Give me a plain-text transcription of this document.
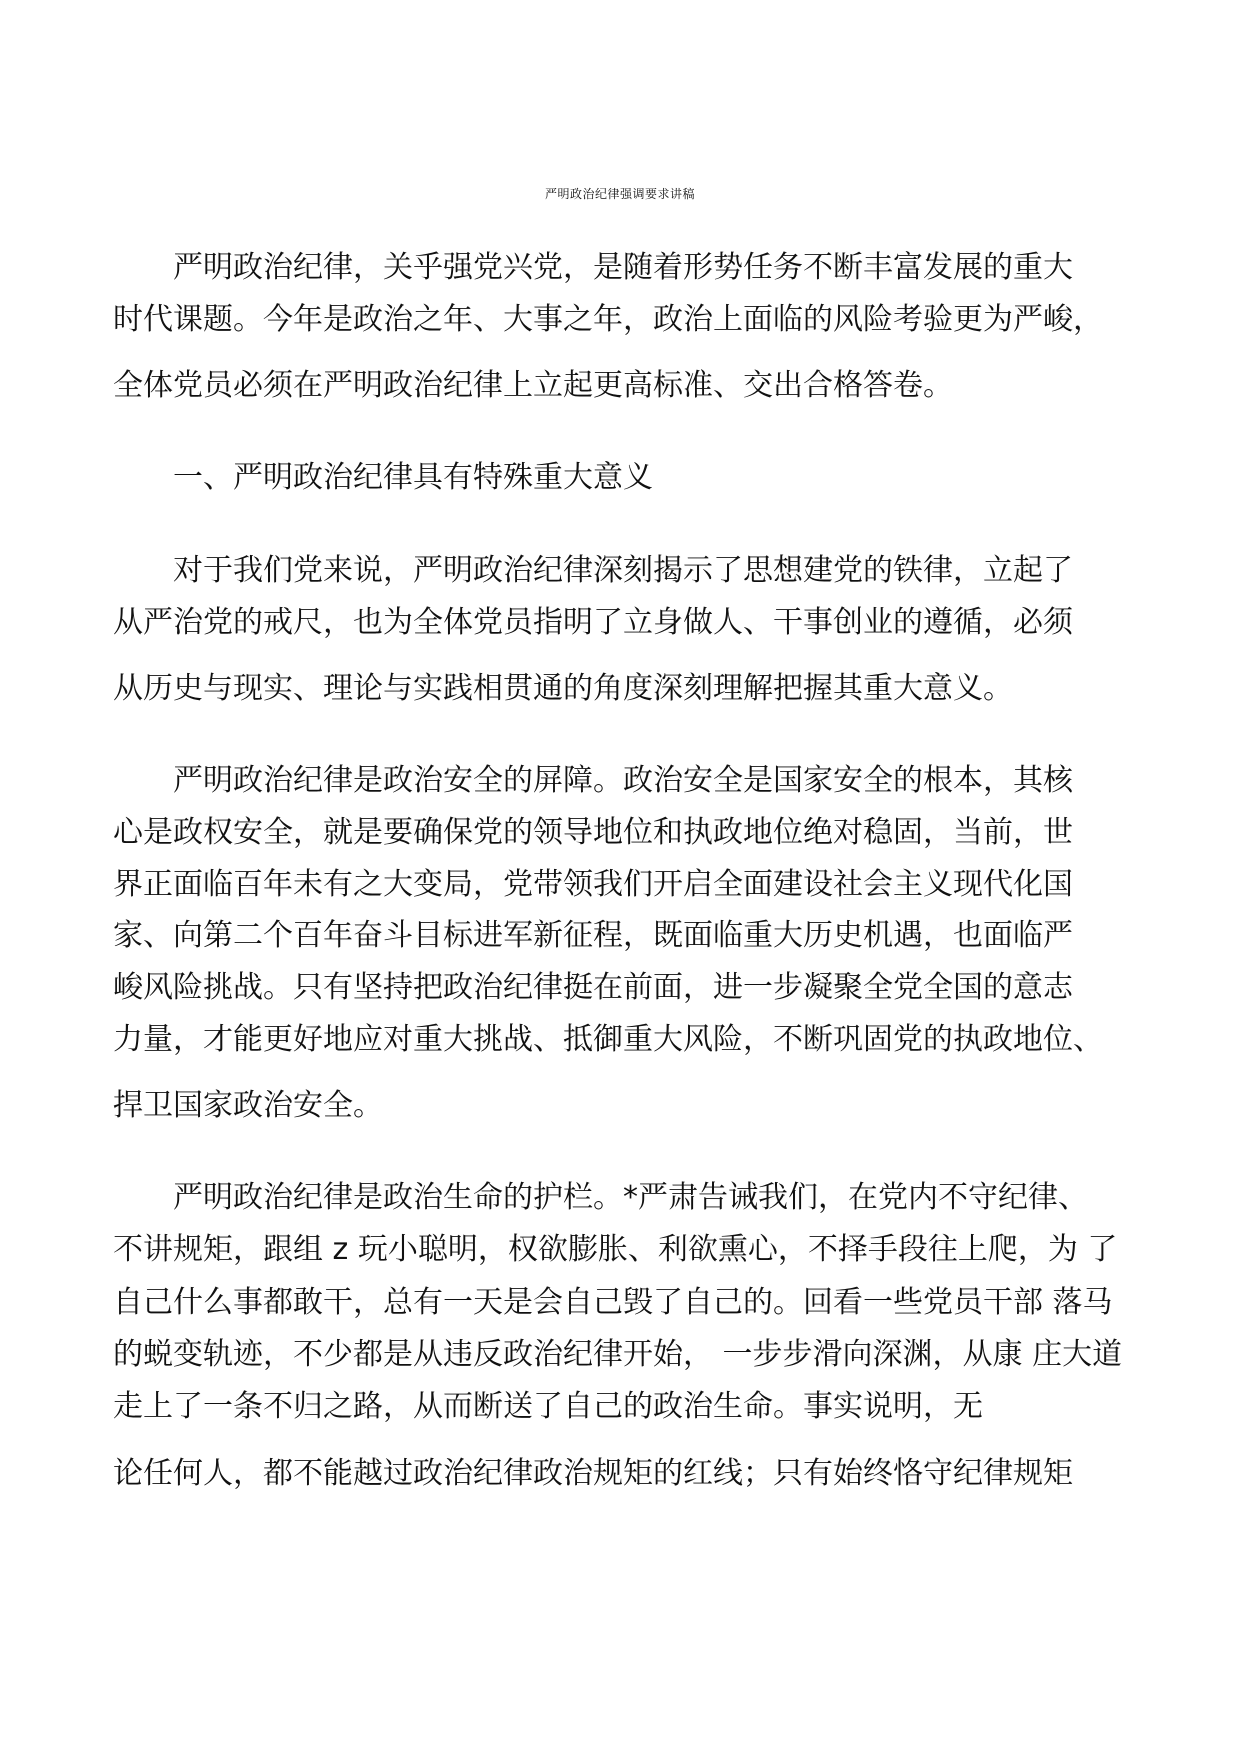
严明政治纪律强调要求讲稿
严明政治纪律，关乎强党兴党，是随着形势任务不断丰富发展的重大
时代课题。今年是政治之年、大事之年，政治上面临的风险考验更为严峻，
全体党员必须在严明政治纪律上立起更高标准、交出合格答卷。
一、严明政治纪律具有特殊重大意义
对于我们党来说，严明政治纪律深刻揭示了思想建党的铁律，立起了
从严治党的戒尺，也为全体党员指明了立身做人、干事创业的遵循，必须
从历史与现实、理论与实践相贯通的角度深刻理解把握其重大意义。
严明政治纪律是政治安全的屏障。政治安全是国家安全的根本，其核
心是政权安全，就是要确保党的领导地位和执政地位绝对稳固，当前，世
界正面临百年未有之大变局，党带领我们开启全面建设社会主义现代化国
家、向第二个百年奋斗目标进军新征程，既面临重大历史机遇，也面临严
峻风险挑战。只有坚持把政治纪律挺在前面，进一步凝聚全党全国的意志
力量，才能更好地应对重大挑战、抵御重大风险，不断巩固党的执政地位、
捍卫国家政治安全。
严明政治纪律是政治生命的护栏。*严肃告诫我们，在党内不守纪律、
不讲规矩，跟组 z 玩小聪明，权欲膨胀、利欲熏心，不择手段往上爬，为 了
自己什么事都敢干，总有一天是会自己毁了自己的。回看一些党员干部 落马
的蜕变轨迹，不少都是从违反政治纪律开始， 一步步滑向深渊，从康 庄大道
走上了一条不归之路，从而断送了自己的政治生命。事实说明，无
论任何人，都不能越过政治纪律政治规矩的红线；只有始终恪守纪律规矩
